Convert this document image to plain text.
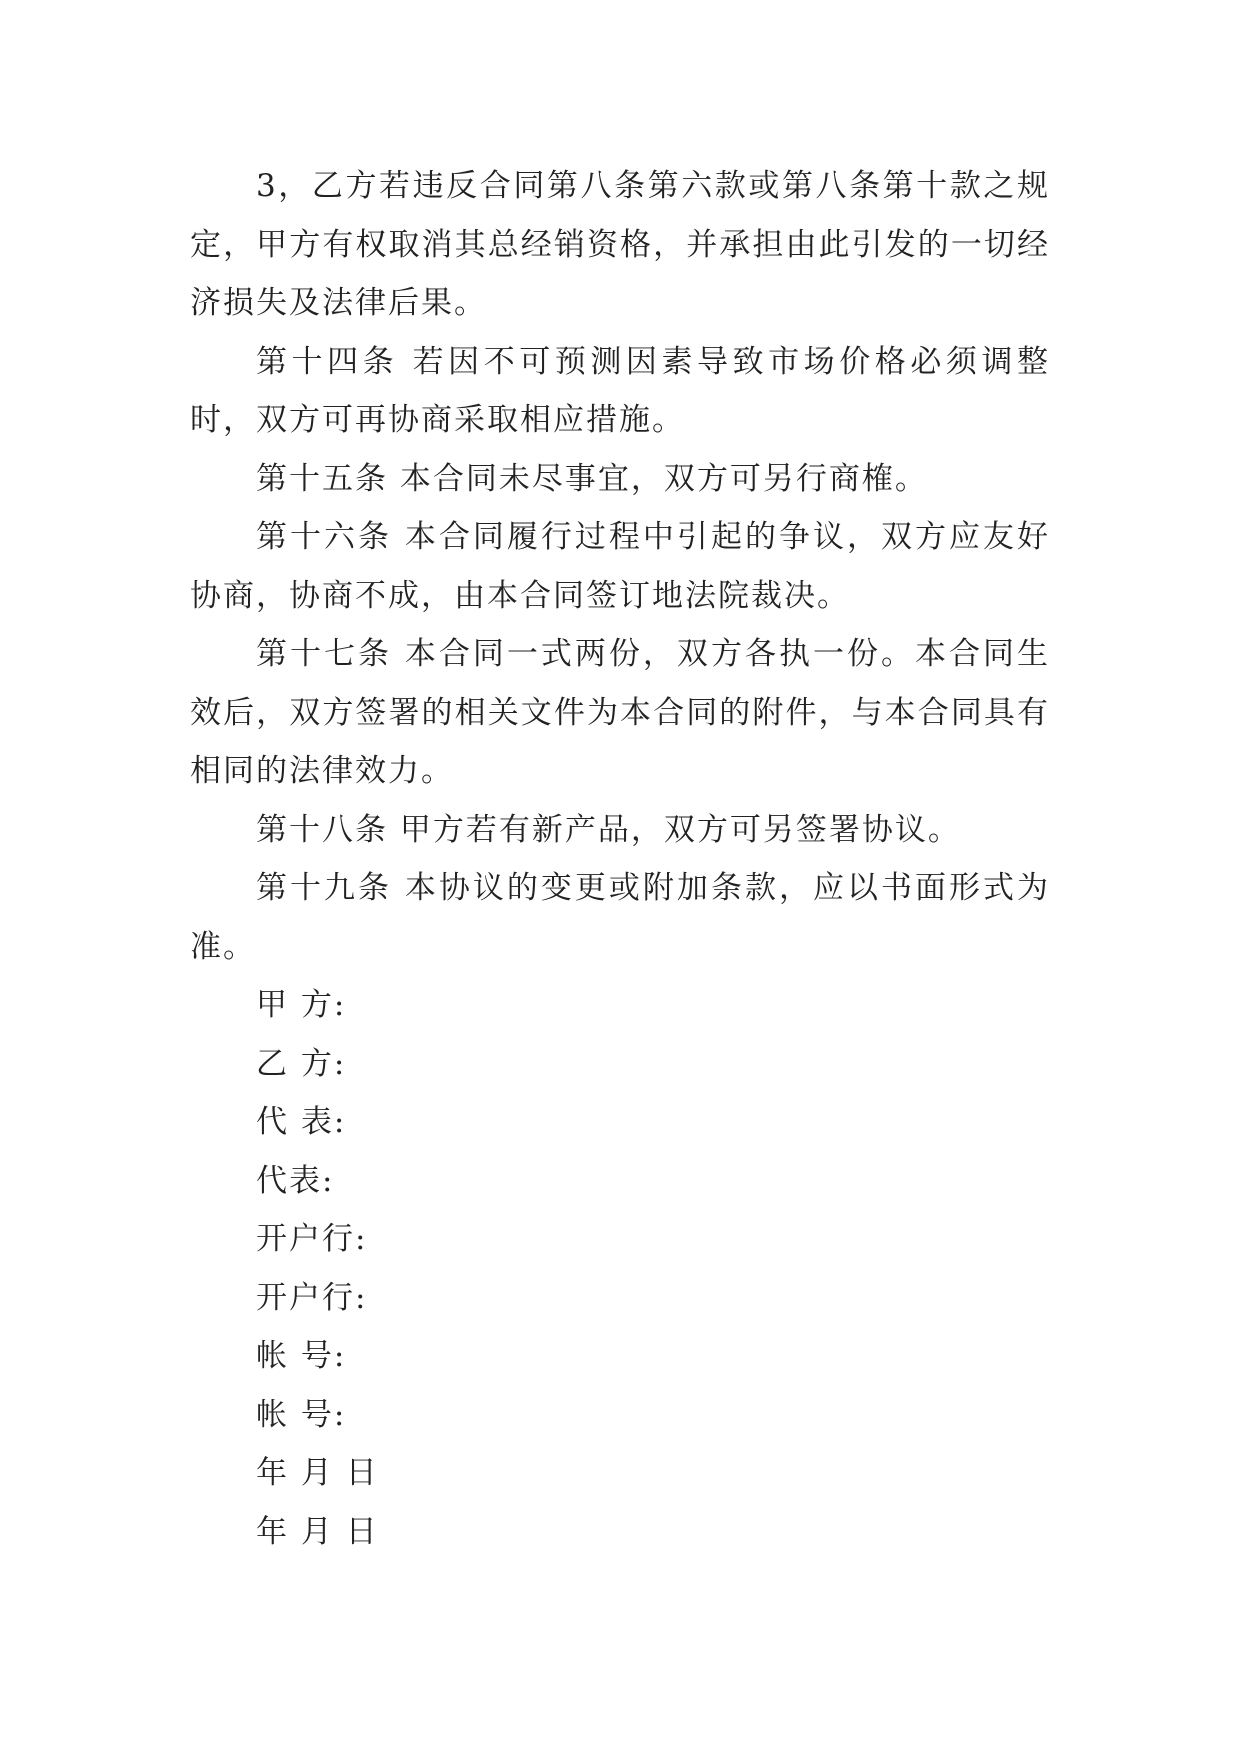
3，乙方若违反合同第八条第六款或第八条第十款之规定，甲方有权取消其总经销资格，并承担由此引发的一切经济损失及法律后果。

第十四条 若因不可预测因素导致市场价格必须调整时，双方可再协商采取相应措施。

第十五条 本合同未尽事宜，双方可另行商榷。

第十六条 本合同履行过程中引起的争议，双方应友好协商，协商不成，由本合同签订地法院裁决。

第十七条 本合同一式两份，双方各执一份。本合同生效后，双方签署的相关文件为本合同的附件，与本合同具有相同的法律效力。

第十八条 甲方若有新产品，双方可另签署协议。

第十九条 本协议的变更或附加条款，应以书面形式为准。

甲 方:

乙 方:

代 表:

代表:

开户行:

开户行:

帐 号:

帐 号:

年 月 日

年 月 日
